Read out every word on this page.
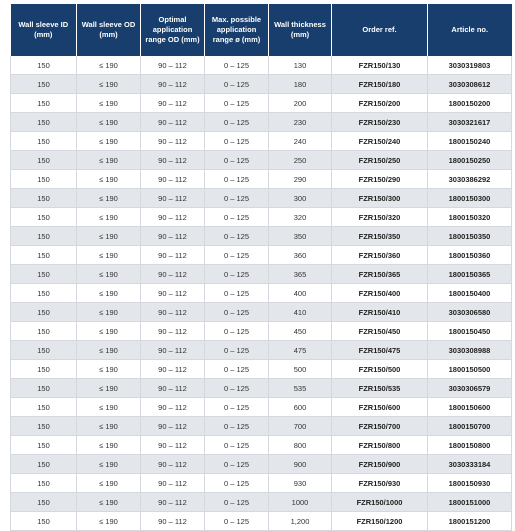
Wall sleeve ID (mm)	Wall sleeve OD (mm)	Optimal application range OD (mm)	Max. possible application range ø (mm)	Wall thickness (mm)	Order ref.	Article no.
150	≤ 190	90 – 112	0 – 125	130	FZR150/130	3030319803
150	≤ 190	90 – 112	0 – 125	180	FZR150/180	3030308612
150	≤ 190	90 – 112	0 – 125	200	FZR150/200	1800150200
150	≤ 190	90 – 112	0 – 125	230	FZR150/230	3030321617
150	≤ 190	90 – 112	0 – 125	240	FZR150/240	1800150240
150	≤ 190	90 – 112	0 – 125	250	FZR150/250	1800150250
150	≤ 190	90 – 112	0 – 125	290	FZR150/290	3030386292
150	≤ 190	90 – 112	0 – 125	300	FZR150/300	1800150300
150	≤ 190	90 – 112	0 – 125	320	FZR150/320	1800150320
150	≤ 190	90 – 112	0 – 125	350	FZR150/350	1800150350
150	≤ 190	90 – 112	0 – 125	360	FZR150/360	1800150360
150	≤ 190	90 – 112	0 – 125	365	FZR150/365	1800150365
150	≤ 190	90 – 112	0 – 125	400	FZR150/400	1800150400
150	≤ 190	90 – 112	0 – 125	410	FZR150/410	3030306580
150	≤ 190	90 – 112	0 – 125	450	FZR150/450	1800150450
150	≤ 190	90 – 112	0 – 125	475	FZR150/475	3030308988
150	≤ 190	90 – 112	0 – 125	500	FZR150/500	1800150500
150	≤ 190	90 – 112	0 – 125	535	FZR150/535	3030306579
150	≤ 190	90 – 112	0 – 125	600	FZR150/600	1800150600
150	≤ 190	90 – 112	0 – 125	700	FZR150/700	1800150700
150	≤ 190	90 – 112	0 – 125	800	FZR150/800	1800150800
150	≤ 190	90 – 112	0 – 125	900	FZR150/900	3030333184
150	≤ 190	90 – 112	0 – 125	930	FZR150/930	1800150930
150	≤ 190	90 – 112	0 – 125	1000	FZR150/1000	1800151000
150	≤ 190	90 – 112	0 – 125	1,200	FZR150/1200	1800151200
